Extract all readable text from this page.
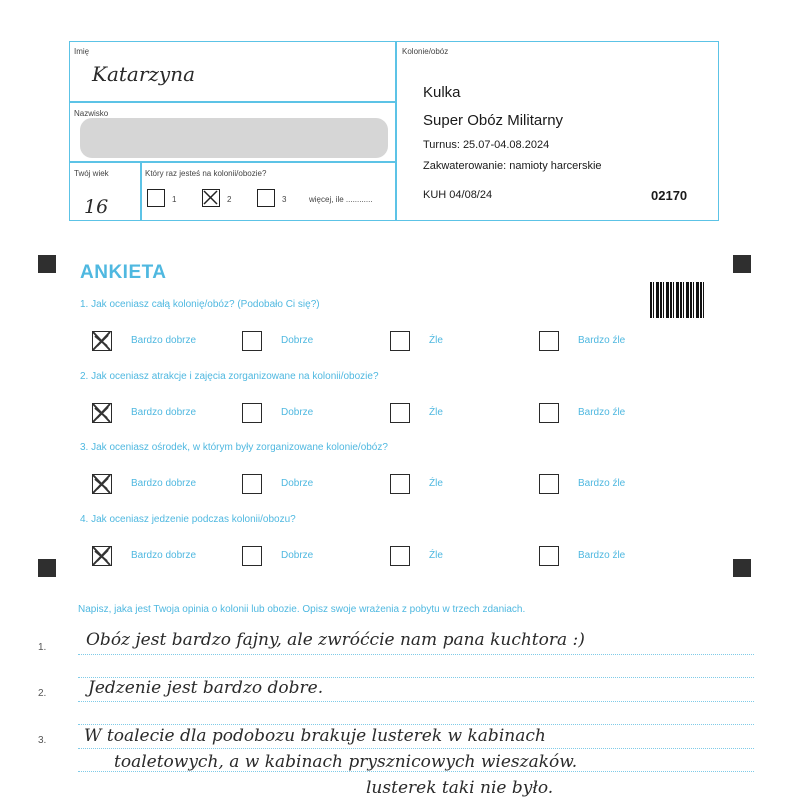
Imię
Katarzyna
Nazwisko
Twój wiek
16
Który raz jesteś na kolonii/obozie?
1	2	3	więcej, ile ............
Kolonie/obóz
Kulka
Super Obóz Militarny
Turnus: 25.07-04.08.2024
Zakwaterowanie: namioty harcerskie
KUH 04/08/24	02170
ANKIETA
1. Jak oceniasz całą kolonię/obóz? (Podobało Ci się?)
Bardzo dobrze	Dobrze	Źle	Bardzo źle
2. Jak oceniasz atrakcje i zajęcia zorganizowane na kolonii/obozie?
Bardzo dobrze	Dobrze	Źle	Bardzo źle
3. Jak oceniasz ośrodek, w którym były zorganizowane kolonie/obóz?
Bardzo dobrze	Dobrze	Źle	Bardzo źle
4. Jak oceniasz jedzenie podczas kolonii/obozu?
Bardzo dobrze	Dobrze	Źle	Bardzo źle
Napisz, jaka jest Twoja opinia o kolonii lub obozie. Opisz swoje wrażenia z pobytu w trzech zdaniach.
1.
2.
3.
Obóz jest bardzo fajny, ale zwróćcie nam pana kuchtora :)
Jedzenie jest bardzo dobre.
W toalecie dla podobozu brakuje lusterek w kabinach
toaletowych, a w kabinach prysznicowych wieszaków.
lusterek taki nie było.
